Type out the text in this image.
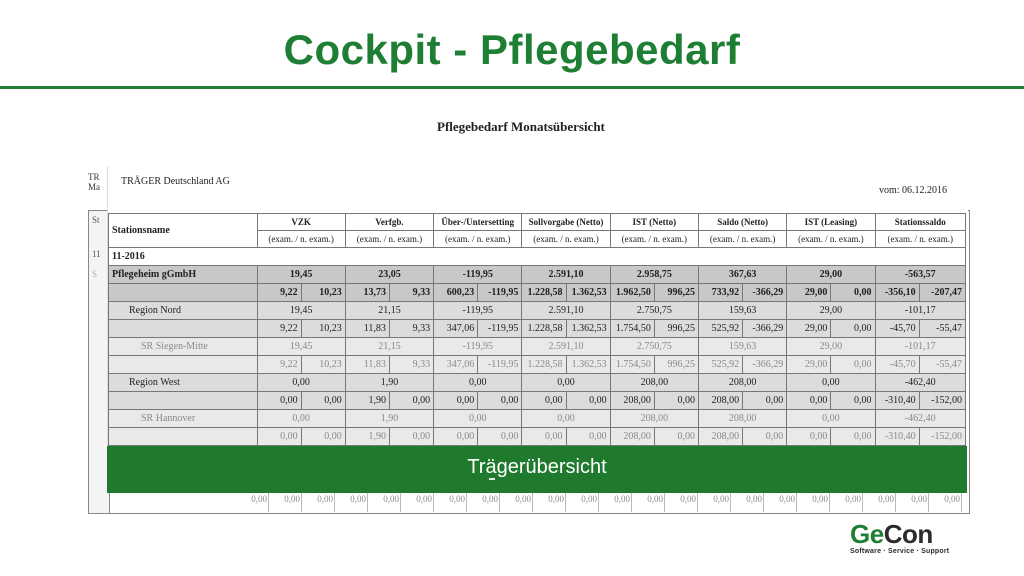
Cockpit - Pflegebedarf
Pflegebedarf Monatsübersicht
TR
Ma
St
11
S
0,00	0,00	0,00	0,00	0,00	0,00	0,00	0,00	0,00	0,00	0,00	0,00	0,00	0,00	0,00	0,00	0,00	0,00	0,00	0,00	0,00	0,00
TRÄGER Deutschland AG
vom: 06.12.2016
Stationsname	VZK		Verfgb.		Über-/Untersetting		Sollvorgabe (Netto)		IST (Netto)		Saldo (Netto)		IST (Leasing)		Stationssaldo	
	(exam. / n. exam.)		(exam. / n. exam.)		(exam. / n. exam.)		(exam. / n. exam.)		(exam. / n. exam.)		(exam. / n. exam.)		(exam. / n. exam.)		(exam. / n. exam.)	
11-2016																
Pflegeheim gGmbH	19,45		23,05		-119,95		2.591,10		2.958,75		367,63		29,00		-563,57	
	9,22	10,23	13,73	9,33	600,23	-119,95	1.228,58	1.362,53	1.962,50	996,25	733,92	-366,29	29,00	0,00	-356,10	-207,47
Region Nord	19,45		21,15		-119,95		2.591,10		2.750,75		159,63		29,00		-101,17	
	9,22	10,23	11,83	9,33	347,06	-119,95	1.228,58	1.362,53	1.754,50	996,25	525,92	-366,29	29,00	0,00	-45,70	-55,47
SR Siegen-Mitte	19,45		21,15		-119,95		2.591,10		2.750,75		159,63		29,00		-101,17	
	9,22	10,23	11,83	9,33	347,06	-119,95	1.228,58	1.362,53	1.754,50	996,25	525,92	-366,29	29,00	0,00	-45,70	-55,47
Region West	0,00		1,90		0,00		0,00		208,00		208,00		0,00		-462,40	
	0,00	0,00	1,90	0,00	0,00	0,00	0,00	0,00	208,00	0,00	208,00	0,00	0,00	0,00	-310,40	-152,00
SR Hannover	0,00		1,90		0,00		0,00		208,00		208,00		0,00		-462,40	
	0,00	0,00	1,90	0,00	0,00	0,00	0,00	0,00	208,00	0,00	208,00	0,00	0,00	0,00	-310,40	-152,00
Trägerübersicht
GeCon
Software · Service · Support
